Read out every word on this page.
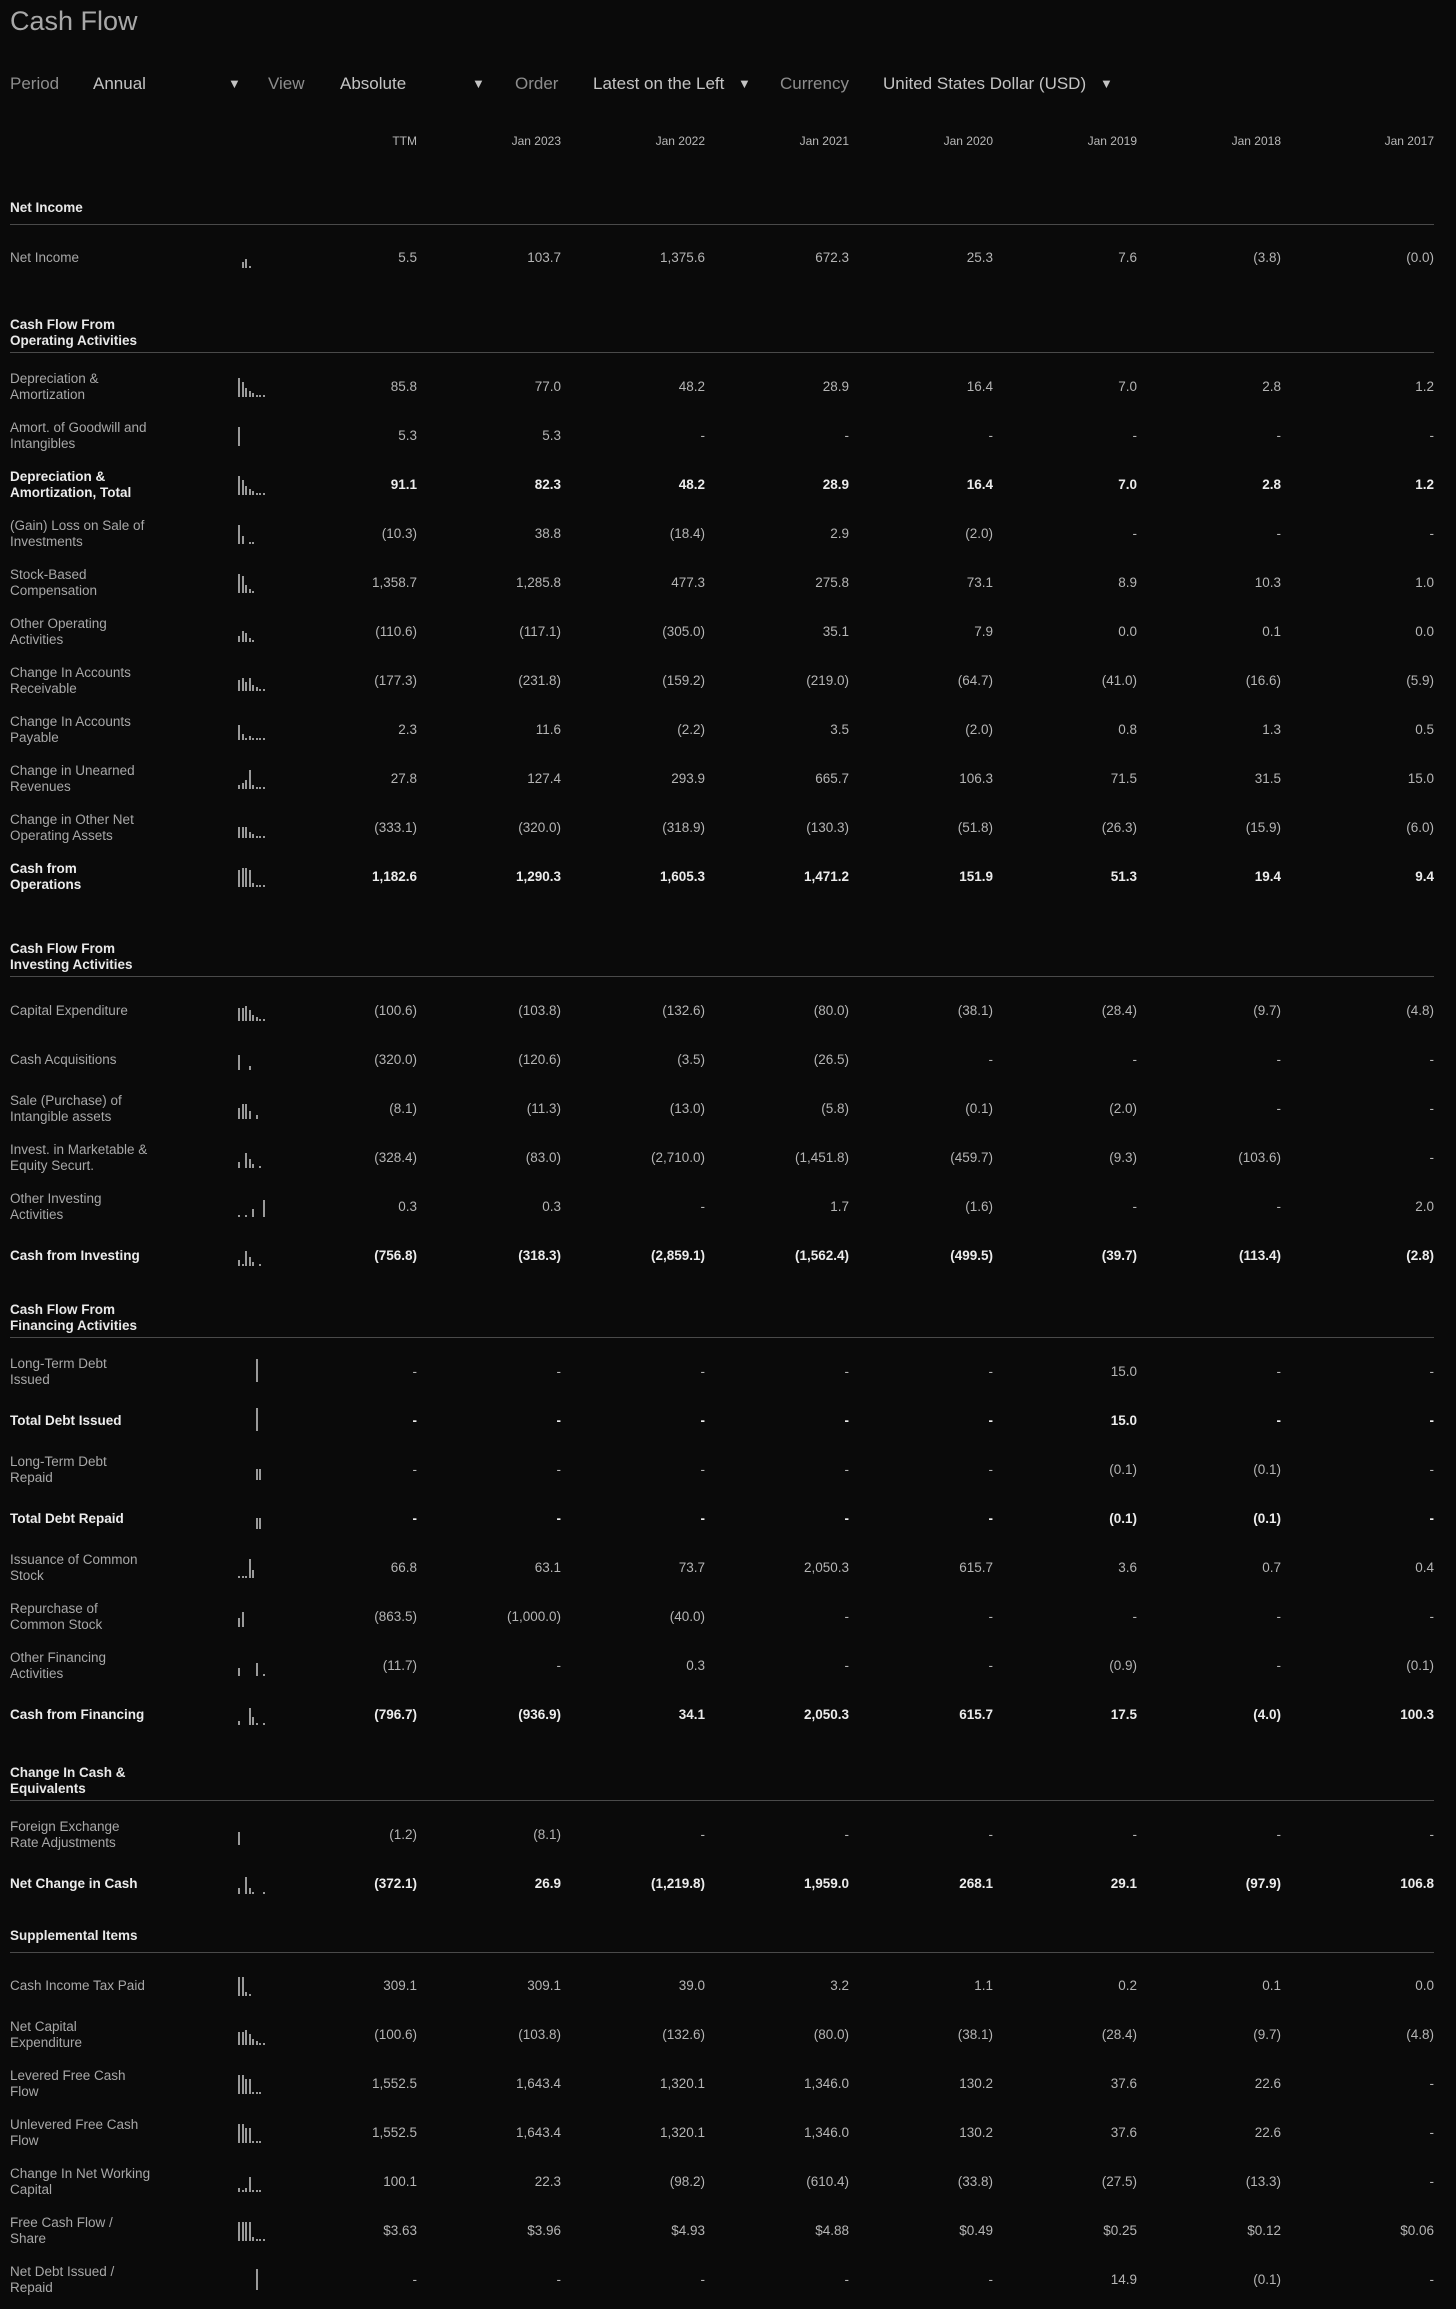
Cash Flow
Period Annual	▼ View Absolute	▼ Order Latest on the Left ▼ Currency United States Dollar (USD) ▼
TTM	Jan 2023	Jan 2022	Jan 2021	Jan 2020	Jan 2019	Jan 2018	Jan 2017
Net Income
Net Income	5.5	103.7	1,375.6	672.3	25.3	7.6	(3.8)	(0.0)
Cash Flow From
Operating Activities
Depreciation &
Amortization
85.8	77.0	48.2	28.9	16.4	7.0	2.8	1.2
Amort. of Goodwill and
Intangibles
5.3	5.3	-	-	-	-	-	-
Depreciation &
Amortization, Total
91.1	82.3	48.2	28.9	16.4	7.0	2.8	1.2
(Gain) Loss on Sale of
Investments
(10.3)	38.8	(18.4)	2.9	(2.0)	-	-	-
Stock-Based
Compensation
1,358.7	1,285.8	477.3	275.8	73.1	8.9	10.3	1.0
Other Operating
Activities
(110.6)	(117.1)	(305.0)	35.1	7.9	0.0	0.1	0.0
Change In Accounts
Receivable
(177.3)	(231.8)	(159.2)	(219.0)	(64.7)	(41.0)	(16.6)	(5.9)
Change In Accounts
Payable
2.3	11.6	(2.2)	3.5	(2.0)	0.8	1.3	0.5
Change in Unearned
Revenues
27.8	127.4	293.9	665.7	106.3	71.5	31.5	15.0
Change in Other Net
Operating Assets
(333.1)	(320.0)	(318.9)	(130.3)	(51.8)	(26.3)	(15.9)	(6.0)
Cash from
Operations
1,182.6	1,290.3	1,605.3	1,471.2	151.9	51.3	19.4	9.4
Cash Flow From
Investing Activities
Capital Expenditure	(100.6)	(103.8)	(132.6)	(80.0)	(38.1)	(28.4)	(9.7)	(4.8)
Cash Acquisitions	(320.0)	(120.6)	(3.5)	(26.5)	-	-	-	-
Sale (Purchase) of
Intangible assets
(8.1)	(11.3)	(13.0)	(5.8)	(0.1)	(2.0)	-	-
Invest. in Marketable &
Equity Securt.
(328.4)	(83.0)	(2,710.0)	(1,451.8)	(459.7)	(9.3)	(103.6)	-
Other Investing
Activities
0.3	0.3	-	1.7	(1.6)	-	-	2.0
Cash from Investing	(756.8)	(318.3)	(2,859.1)	(1,562.4)	(499.5)	(39.7)	(113.4)	(2.8)
Cash Flow From
Financing Activities
Long-Term Debt
Issued
-	-	-	-	-	15.0	-	-
Total Debt Issued	-	-	-	-	-	15.0	-	-
Long-Term Debt
Repaid
-	-	-	-	-	(0.1)	(0.1)	-
Total Debt Repaid	-	-	-	-	-	(0.1)	(0.1)	-
Issuance of Common
Stock
66.8	63.1	73.7	2,050.3	615.7	3.6	0.7	0.4
Repurchase of
Common Stock
(863.5)	(1,000.0)	(40.0)	-	-	-	-	-
Other Financing
Activities
(11.7)	-	0.3	-	-	(0.9)	-	(0.1)
Cash from Financing	(796.7)	(936.9)	34.1	2,050.3	615.7	17.5	(4.0)	100.3
Change In Cash &
Equivalents
Foreign Exchange
Rate Adjustments
(1.2)	(8.1)	-	-	-	-	-	-
Net Change in Cash	(372.1)	26.9	(1,219.8)	1,959.0	268.1	29.1	(97.9)	106.8
Supplemental Items
Cash Income Tax Paid	309.1	309.1	39.0	3.2	1.1	0.2	0.1	0.0
Net Capital
Expenditure
(100.6)	(103.8)	(132.6)	(80.0)	(38.1)	(28.4)	(9.7)	(4.8)
Levered Free Cash
Flow
1,552.5	1,643.4	1,320.1	1,346.0	130.2	37.6	22.6	-
Unlevered Free Cash
Flow
1,552.5	1,643.4	1,320.1	1,346.0	130.2	37.6	22.6	-
Change In Net Working
Capital
100.1	22.3	(98.2)	(610.4)	(33.8)	(27.5)	(13.3)	-
Free Cash Flow /
Share
$3.63	$3.96	$4.93	$4.88	$0.49	$0.25	$0.12	$0.06
Net Debt Issued /
Repaid
-	-	-	-	-	14.9	(0.1)	-
